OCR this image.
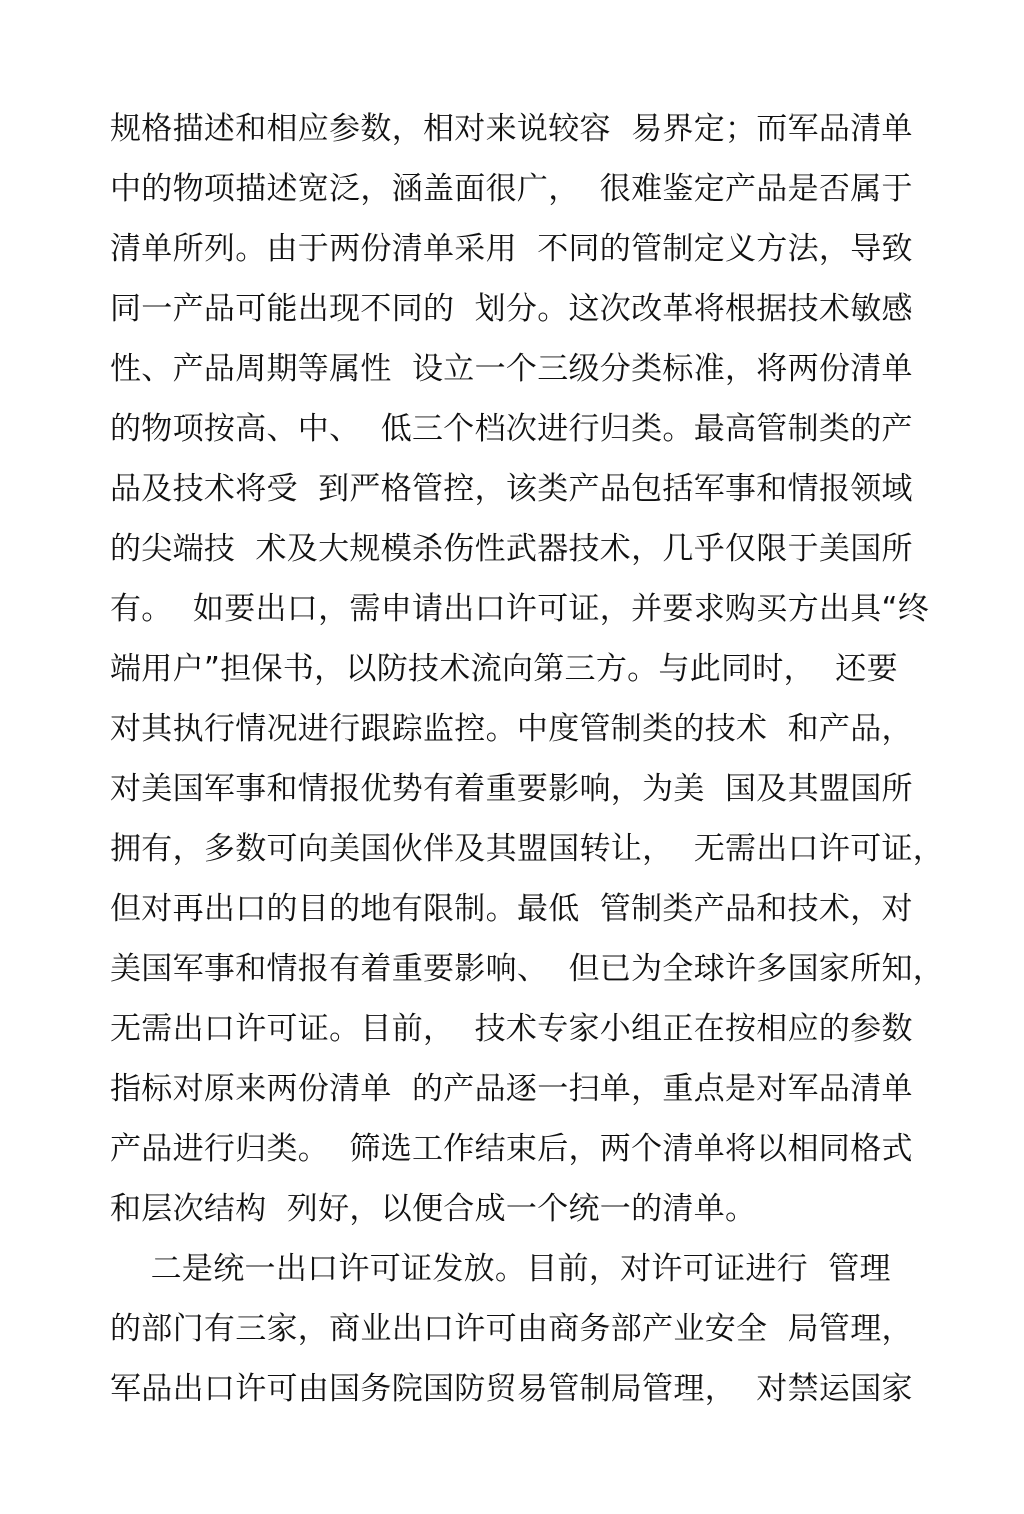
规格描述和相应参数，相对来说较容  易界定；而军品清单
中的物项描述宽泛，涵盖面很广，  很难鉴定产品是否属于
清单所列。由于两份清单采用  不同的管制定义方法，导致
同一产品可能出现不同的  划分。这次改革将根据技术敏感
性、产品周期等属性  设立一个三级分类标准，将两份清单
的物项按高、中、  低三个档次进行归类。最高管制类的产
品及技术将受  到严格管控，该类产品包括军事和情报领域
的尖端技  术及大规模杀伤性武器技术，几乎仅限于美国所
有。  如要出口，需申请出口许可证，并要求购买方出具“终
端用户”担保书，以防技术流向第三方。与此同时，  还要
对其执行情况进行跟踪监控。中度管制类的技术  和产品，
对美国军事和情报优势有着重要影响，为美  国及其盟国所
拥有，多数可向美国伙伴及其盟国转让，  无需出口许可证，
但对再出口的目的地有限制。最低  管制类产品和技术，对
美国军事和情报有着重要影响、  但已为全球许多国家所知，
无需出口许可证。目前，  技术专家小组正在按相应的参数
指标对原来两份清单  的产品逐一扫单，重点是对军品清单
产品进行归类。  筛选工作结束后，两个清单将以相同格式
和层次结构  列好，以便合成一个统一的清单。
二是统一出口许可证发放。目前，对许可证进行  管理
的部门有三家，商业出口许可由商务部产业安全  局管理，
军品出口许可由国务院国防贸易管制局管理，  对禁运国家
